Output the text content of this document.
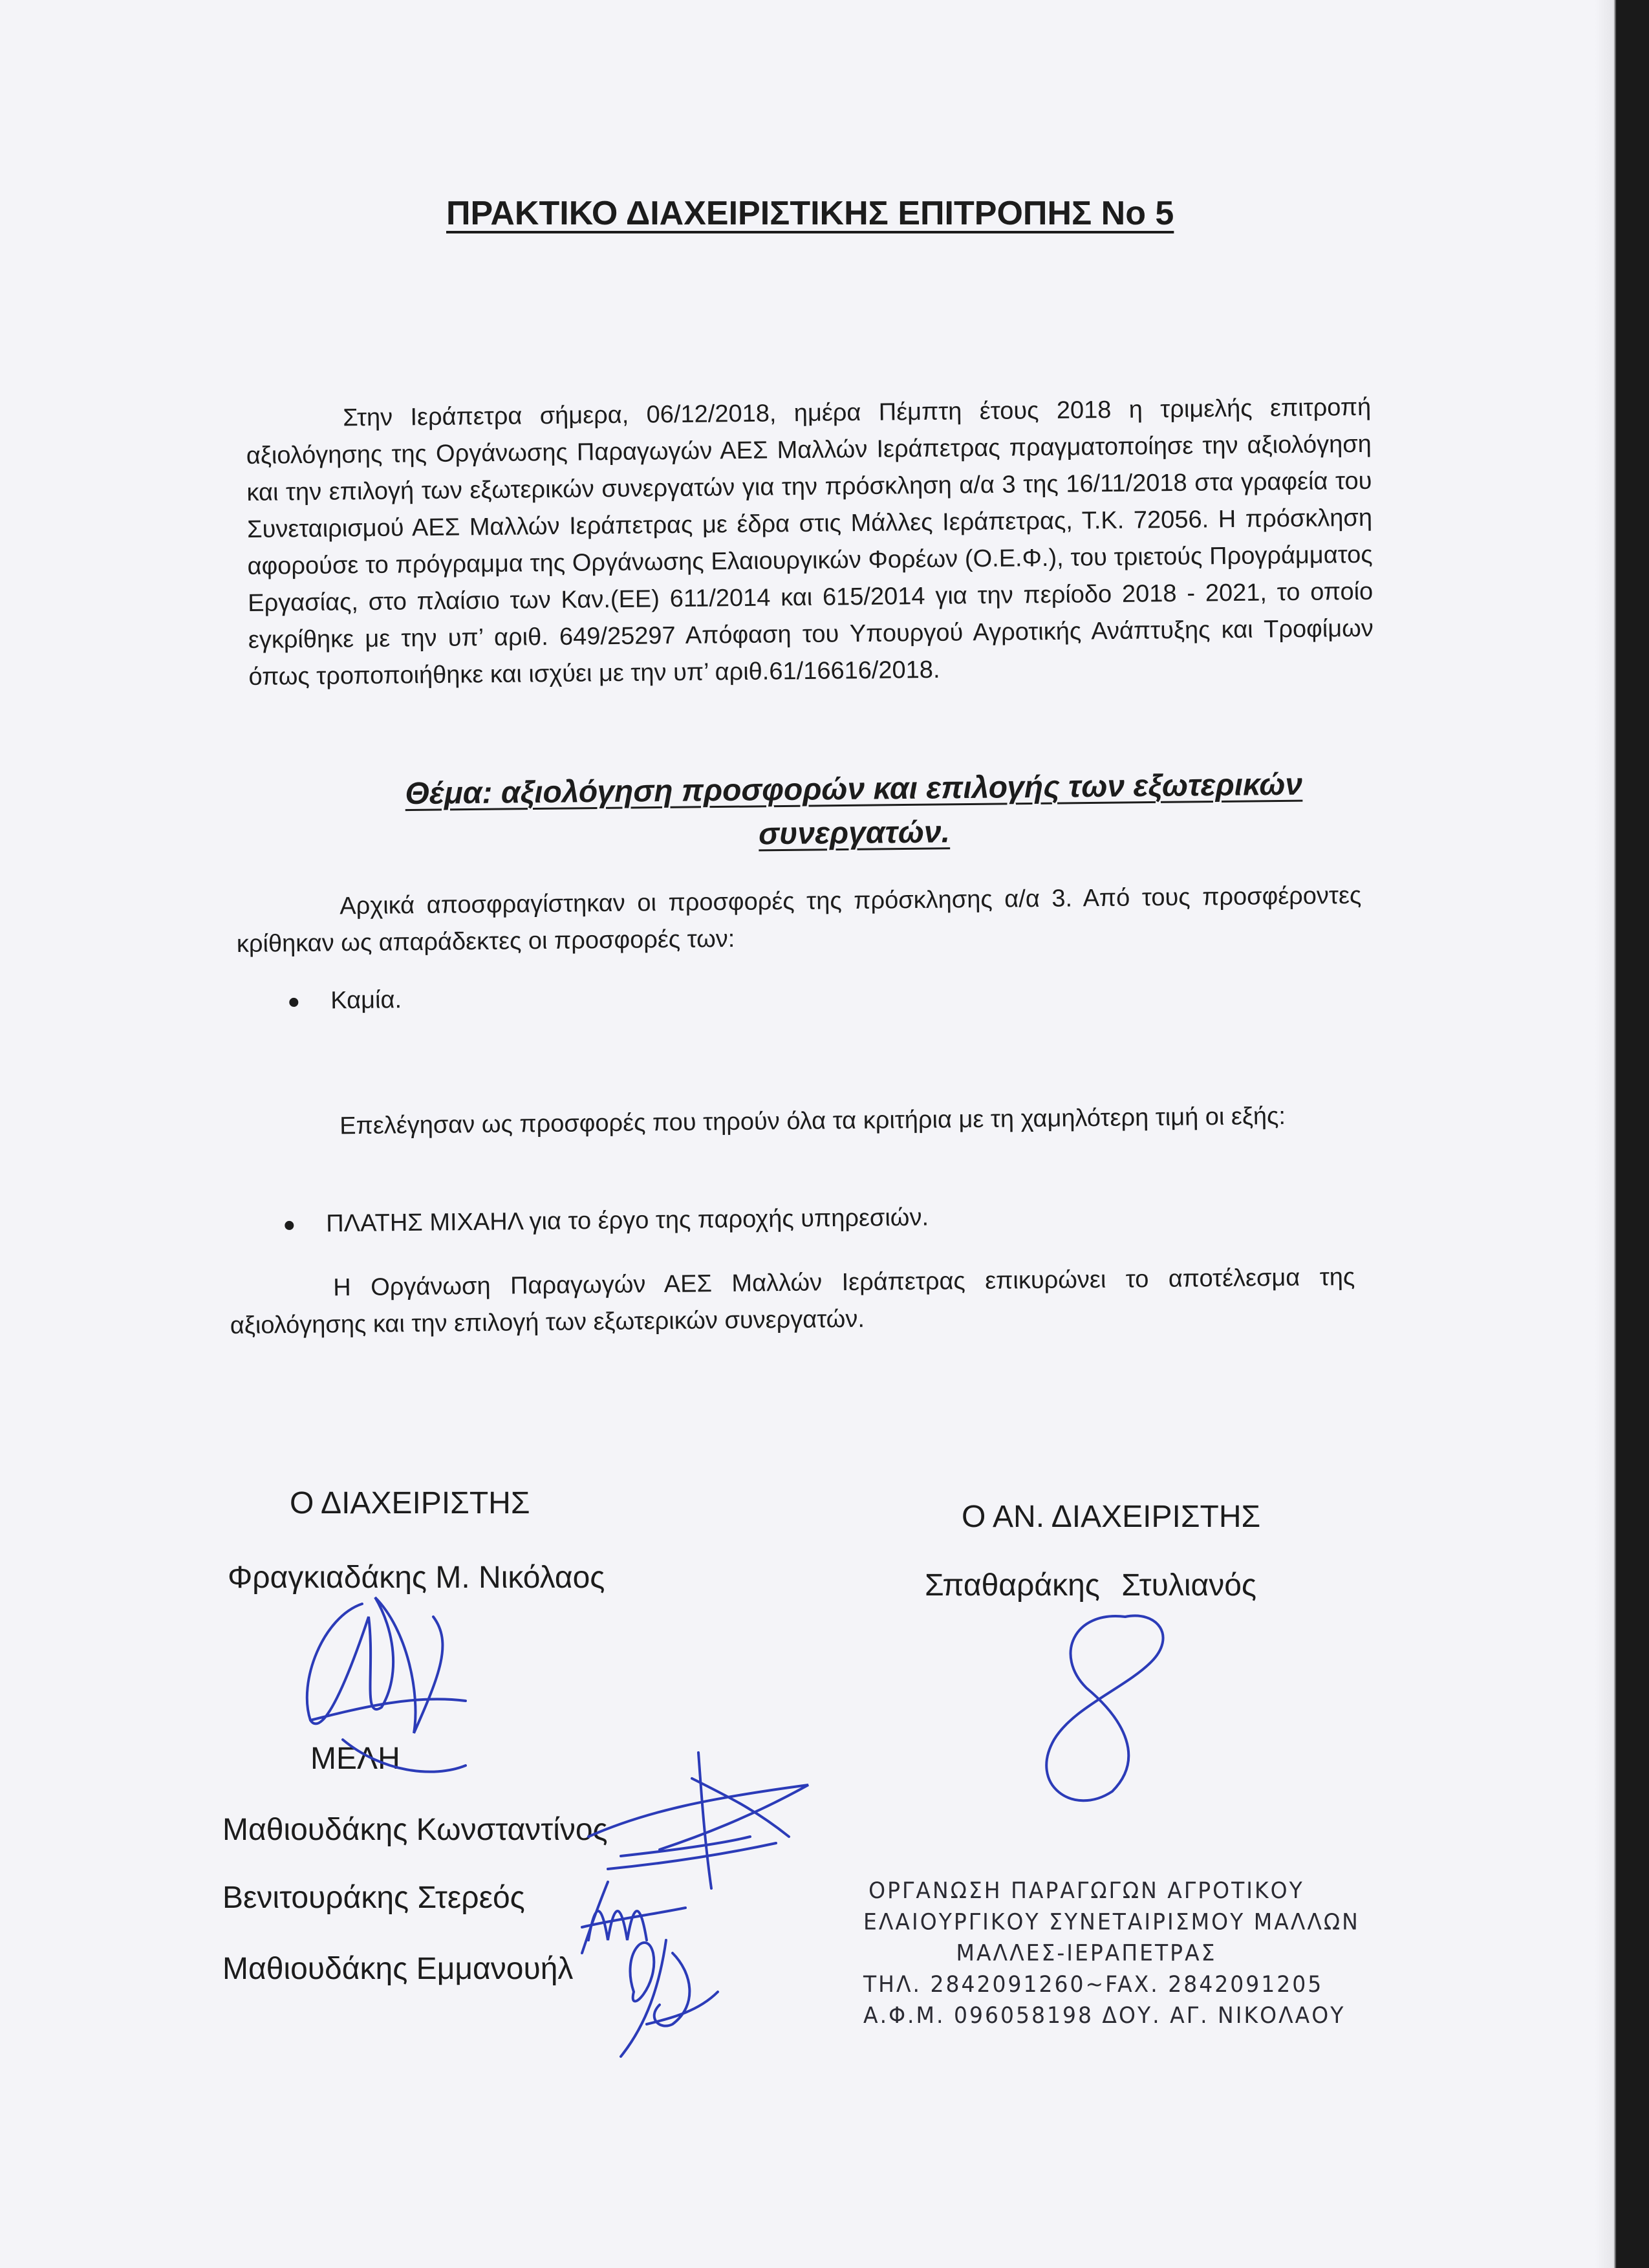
ΠΡΑΚΤΙΚΟ ΔΙΑΧΕΙΡΙΣΤΙΚΗΣ ΕΠΙΤΡΟΠΗΣ Νο 5

Στην Ιεράπετρα σήμερα, 06/12/2018, ημέρα Πέμπτη έτους 2018 η τριμελής επιτροπή αξιολόγησης της Οργάνωσης Παραγωγών ΑΕΣ Μαλλών Ιεράπετρας πραγματοποίησε την αξιολόγηση και την επιλογή των εξωτερικών συνεργατών για την πρόσκληση α/α 3 της 16/11/2018 στα γραφεία του Συνεταιρισμού ΑΕΣ Μαλλών Ιεράπετρας με έδρα στις Μάλλες Ιεράπετρας, Τ.Κ. 72056. Η πρόσκληση αφορούσε το πρόγραμμα της Οργάνωσης Ελαιουργικών Φορέων (Ο.Ε.Φ.), του τριετούς Προγράμματος Εργασίας, στο πλαίσιο των Καν.(ΕΕ) 611/2014 και 615/2014 για την περίοδο 2018 - 2021, το οποίο εγκρίθηκε με την υπ’ αριθ. 649/25297 Απόφαση του Υπουργού Αγροτικής Ανάπτυξης και Τροφίμων όπως τροποποιήθηκε και ισχύει με την υπ’ αριθ.61/16616/2018.

Θέμα: αξιολόγηση προσφορών και επιλογής των εξωτερικών συνεργατών.

Αρχικά αποσφραγίστηκαν οι προσφορές της πρόσκλησης α/α 3. Από τους προσφέροντες κρίθηκαν ως απαράδεκτες οι προσφορές των:

Καμία.

Επελέγησαν ως προσφορές που τηρούν όλα τα κριτήρια με τη χαμηλότερη τιμή οι εξής:

ΠΛΑΤΗΣ ΜΙΧΑΗΛ για το έργο της παροχής υπηρεσιών.

Η Οργάνωση Παραγωγών ΑΕΣ Μαλλών Ιεράπετρας επικυρώνει το αποτέλεσμα της αξιολόγησης και την επιλογή των εξωτερικών συνεργατών.

Ο ΔΙΑΧΕΙΡΙΣΤΗΣ
Φραγκιαδάκης Μ. Νικόλαος
Ο ΑΝ. ΔΙΑΧΕΙΡΙΣΤΗΣ
Σπαθαράκης Στυλιανός
ΜΕΛΗ
Μαθιουδάκης Κωνσταντίνος
Βενιτουράκης Στερεός
Μαθιουδάκης Εμμανουήλ
ΟΡΓΑΝΩΣΗ ΠΑΡΑΓΩΓΩΝ ΑΓΡΟΤΙΚΟΥ
ΕΛΑΙΟΥΡΓΙΚΟΥ ΣΥΝΕΤΑΙΡΙΣΜΟΥ ΜΑΛΛΩΝ
ΜΑΛΛΕΣ-ΙΕΡΑΠΕΤΡΑΣ
ΤΗΛ. 2842091260~FAX. 2842091205
Α.Φ.Μ. 096058198 ΔΟΥ. ΑΓ. ΝΙΚΟΛΑΟΥ
